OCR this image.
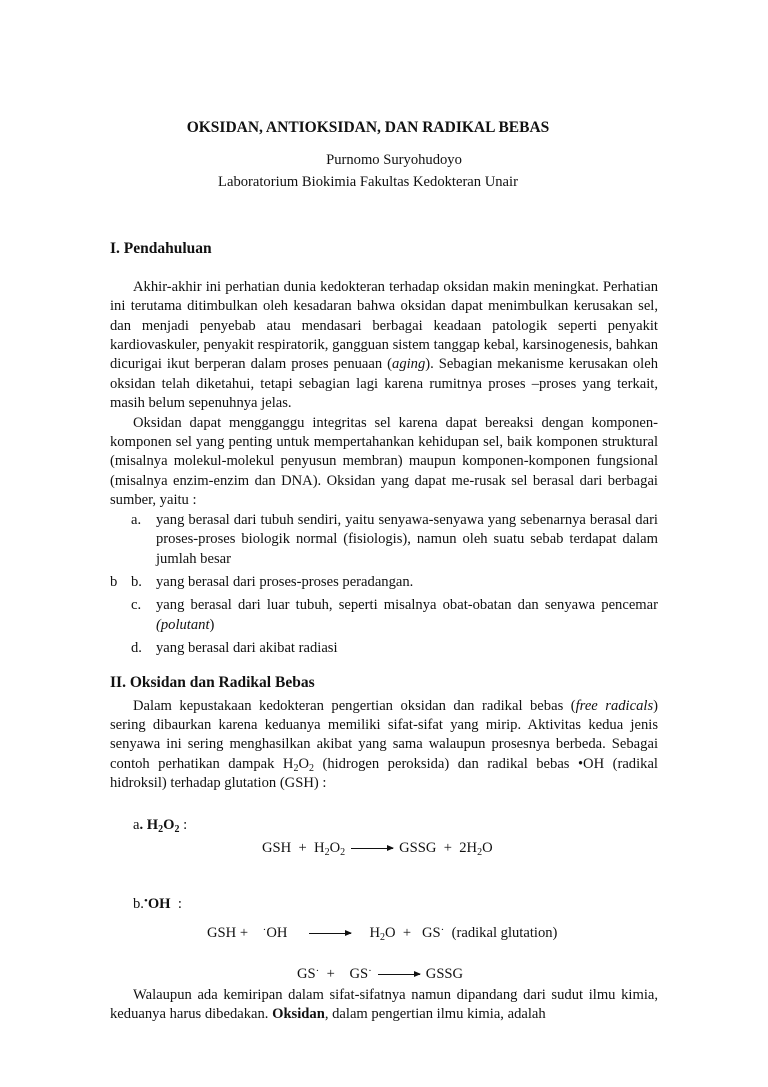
OKSIDAN, ANTIOKSIDAN, DAN RADIKAL BEBAS
Purnomo Suryohudoyo
Laboratorium Biokimia Fakultas Kedokteran Unair
I. Pendahuluan
Akhir-akhir ini perhatian dunia kedokteran terhadap oksidan makin meningkat. Perhatian ini terutama ditimbulkan oleh kesadaran bahwa oksidan dapat menimbulkan kerusakan sel, dan menjadi penyebab atau mendasari berbagai keadaan patologik seperti penyakit kardiovaskuler, penyakit respiratorik, gangguan sistem tanggap kebal, karsinogenesis, bahkan dicurigai ikut berperan dalam proses penuaan (aging). Sebagian mekanisme kerusakan oleh oksidan telah diketahui, tetapi sebagian lagi karena rumitnya proses –proses yang terkait, masih belum sepenuhnya jelas.
Oksidan dapat mengganggu integritas sel karena dapat bereaksi dengan komponen-komponen sel yang penting untuk mempertahankan kehidupan sel, baik komponen struktural (misalnya molekul-molekul penyusun membran) maupun komponen-komponen fungsional (misalnya enzim-enzim dan DNA). Oksidan yang dapat me-rusak sel berasal dari berbagai sumber, yaitu :
a. yang berasal dari tubuh sendiri, yaitu senyawa-senyawa yang sebenarnya berasal dari proses-proses biologik normal (fisiologis), namun oleh suatu sebab terdapat dalam jumlah besar
b b. yang berasal dari proses-proses peradangan.
c. yang berasal dari luar tubuh, seperti misalnya obat-obatan dan senyawa pencemar (polutant)
d. yang berasal dari akibat radiasi
II. Oksidan dan Radikal Bebas
Dalam kepustakaan kedokteran pengertian oksidan dan radikal bebas (free radicals) sering dibaurkan karena keduanya memiliki sifat-sifat yang mirip. Aktivitas kedua jenis senyawa ini sering menghasilkan akibat yang sama walaupun prosesnya berbeda. Sebagai contoh perhatikan dampak $H_2O_2$ (hidrogen peroksida) dan radikal bebas •OH (radikal hidroksil) terhadap glutation (GSH) :
a. $H_2O_2$ :
GSH  +  $H_2O_2$ → GSSG  +  $2H_2O$
b.•OH  :
GSH +    $^\cdot OH \to H_2O + GS^\cdot$  (radikal glutation)
GS·  +    GS· → GSSG
Walaupun ada kemiripan dalam sifat-sifatnya namun dipandang dari sudut ilmu kimia, keduanya harus dibedakan. Oksidan, dalam pengertian ilmu kimia, adalah
